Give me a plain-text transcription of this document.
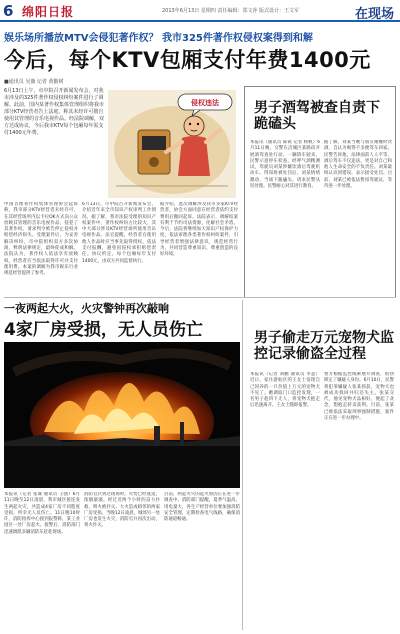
6 绵阳日报	2013年6月13日 星期四 责任编辑：郑文萍 版式设计：王文军	在现场
娱乐场所播放MTV会侵犯著作权？ 我市325件著作权侵权案得到和解
今后，每个KTV包厢支付年费1400元
■通讯员 吴薇 记者 黄勤树

6月13日上午，市中院召开新闻发布会，对我市涉及的325件著作权侵权纠纷案件进行了调解。此前，国内某著作权集体管理组织将我市部分KTV经营者告上法庭，称其未经许可擅自使用其管理的音乐电视作品。经法院调解，双方达成协议，今后我市KTV每个包厢每年需支付1400元年费。

侵权违法
中国音像著作权集体管理协会起诉称，我市部分KTV经营者未经许可，在其经营场所内以卡拉OK方式向公众放映其管理的音乐电视作品，侵犯了其著作权，请求判令被告停止侵权并赔偿经济损失。受理案件后，为妥善解决纠纷，市中院组织双方多次协商，释明法律规定，最终促成和解。法院认为，著作权人依法享有放映权，经营者应当依法取得许可并支付使用费。本案的调解为我市娱乐行业规范经营提供了参考。
6月13日，市中院召开新闻发布会，介绍近年来全市知识产权审判工作情况。据了解，我市法院受理的知识产权案件中，著作权纠纷占比较大，其中大部分涉及KTV经营场所使用音乐电视作品。法官提醒，经营者在使用他人作品时应当事先取得授权，依法支付报酬，避免因侵权承担赔偿责任。协议约定，每个包厢每年支付1400元，由双方共同监督执行。
据介绍，此次调解涉及我市多家KTV经营者，协会方面同意在经营者依约支付费用后撤回起诉。法院表示，调解结案有利于节约司法资源，化解社会矛盾。今后，法院将继续加大知识产权保护力度，依法审理各类著作权纠纷案件，引导经营者增强法律意识，规范经营行为，共同营造尊重知识、尊重创造的良好环境。
男子酒驾被查自责下跪磕头
本报讯（通讯员 陈锐 记者 杨帆）6月11日晚，交警在涪城区某路段开展酒驾查处行动。一辆轿车驶来，民警示意停车检查。经呼气酒精测试，驾驶员刘某涉嫌饮酒后驾驶机动车。得知将被处罚后，刘某情绪激动，当场下跪磕头，请求民警从轻处理。民警耐心对其进行教育。
据了解，刘某当晚与朋友聚餐时饮酒，自认为喝得不多便驾车回家。民警告诉他，法律面前人人平等，酒后驾车不仅违法，更是对自己和他人生命安全的不负责任。刘某最终认识到错误，表示接受处罚。目前，刘某已被依法暂扣驾驶证，等待进一步处理。
一夜两起大火，火灾警钟再次敲响
4家厂房受损，无人员伤亡
本报讯（记者 张诚 通讯员 王强）6月11日晚至12日凌晨，我市城区接连发生两起火灾，共造成4家厂房不同程度受损，所幸无人员伤亡。11日晚10时许，消防指挥中心接到报警称，某工业园区一处厂房起火。接警后，消防部门迅速调派多辆消防车赶赴现场。
消防官兵到达现场时，火势已经蔓延，浓烟滚滚。经过近两个小时的奋力扑救，明火被扑灭。大火造成相邻的两家厂房受损。当晚12日凌晨，城郊另一处厂房也发生火灾，消防官兵再次出动，将火扑灭。
目前，两起火灾的起火原因正在进一步调查中。消防部门提醒，夏季气温高，用电量大，各生产经营单位要加强消防安全管理，定期检查电气线路，确保消防通道畅通。
男子偷走万元宠物犬监控记录偷盗全过程
本报讯（记者 刘鹏 通讯员 李慧）近日，家住游仙区的王女士发现自己饲养的一只价值上万元的宠物犬不见了。她调取门口监控发现，一名男子趁四下无人，将宠物犬抱走后迅速离开。王女士随即报警。
警方根据监控线索展开调查，很快锁定了嫌疑人身份。6月10日，民警将犯罪嫌疑人张某抓获，宠物犬也被成功找回并归还失主。张某交代，他见宠物犬品相好，便起了贪念，想抱走转卖获利。目前，张某已被依法采取刑事强制措施，案件正在进一步办理中。
